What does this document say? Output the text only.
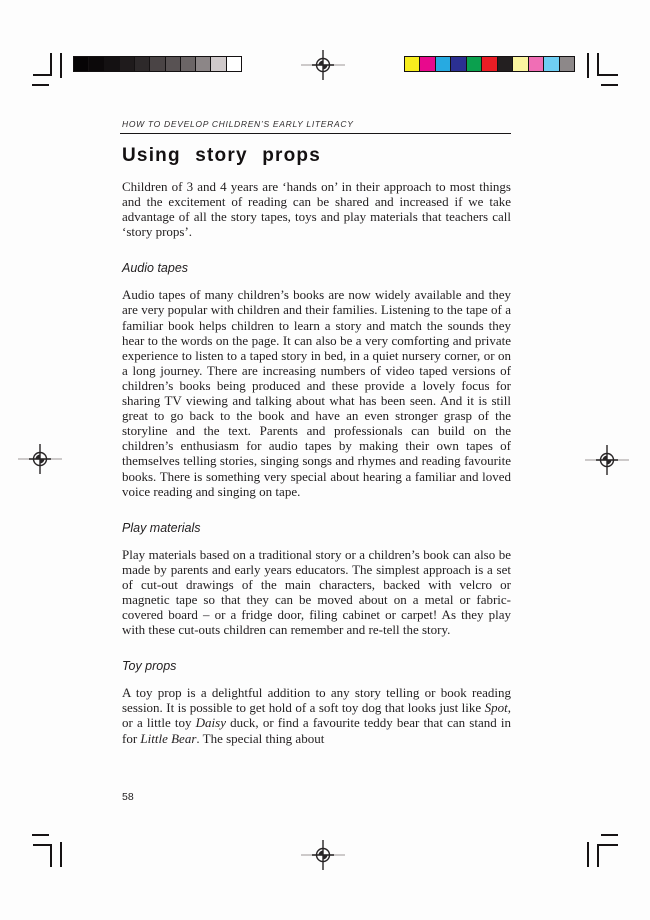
HOW TO DEVELOP CHILDREN’S EARLY LITERACY
Using story props

Children of 3 and 4 years are ‘hands on’ in their approach to most things and the excitement of reading can be shared and increased if we take advantage of all the story tapes, toys and play materials that teachers call ‘story props’.

Audio tapes

Audio tapes of many children’s books are now widely available and they are very popular with children and their families. Listening to the tape of a familiar book helps children to learn a story and match the sounds they hear to the words on the page. It can also be a very comforting and private experience to listen to a taped story in bed, in a quiet nursery corner, or on a long journey. There are increasing numbers of video taped versions of children’s books being produced and these provide a lovely focus for sharing TV viewing and talking about what has been seen. And it is still great to go back to the book and have an even stronger grasp of the storyline and the text. Parents and professionals can build on the children’s enthusiasm for audio tapes by making their own tapes of themselves telling stories, singing songs and rhymes and reading favourite books. There is something very special about hearing a familiar and loved voice reading and singing on tape.

Play materials

Play materials based on a traditional story or a children’s book can also be made by parents and early years educators. The simplest approach is a set of cut-out drawings of the main characters, backed with velcro or magnetic tape so that they can be moved about on a metal or fabric-covered board – or a fridge door, filing cabinet or carpet! As they play with these cut-outs children can remember and re-tell the story.

Toy props

A toy prop is a delightful addition to any story telling or book reading session. It is possible to get hold of a soft toy dog that looks just like Spot, or a little toy Daisy duck, or find a favourite teddy bear that can stand in for Little Bear. The special thing about

58
